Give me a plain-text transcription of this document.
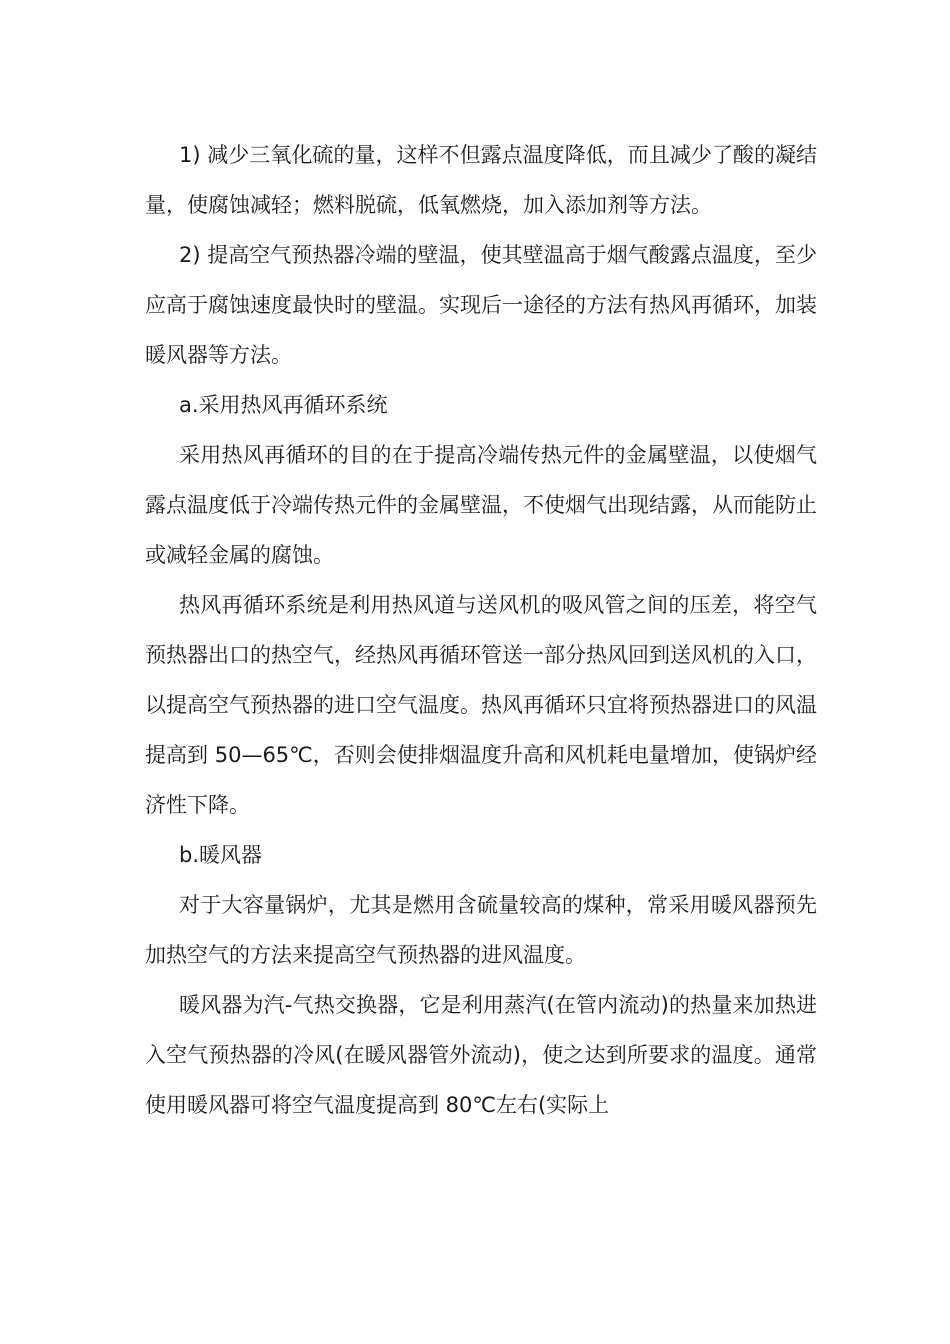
1) 减少三氧化硫的量，这样不但露点温度降低，而且减少了酸的凝结量，使腐蚀减轻；燃料脱硫，低氧燃烧，加入添加剂等方法。

2) 提高空气预热器冷端的壁温，使其壁温高于烟气酸露点温度，至少应高于腐蚀速度最快时的壁温。实现后一途径的方法有热风再循环，加装暖风器等方法。

a.采用热风再循环系统

采用热风再循环的目的在于提高冷端传热元件的金属壁温，以使烟气露点温度低于冷端传热元件的金属壁温，不使烟气出现结露，从而能防止或减轻金属的腐蚀。

热风再循环系统是利用热风道与送风机的吸风管之间的压差，将空气预热器出口的热空气，经热风再循环管送一部分热风回到送风机的入口，以提高空气预热器的进口空气温度。热风再循环只宜将预热器进口的风温提高到 50—65℃，否则会使排烟温度升高和风机耗电量增加，使锅炉经济性下降。

b.暖风器

对于大容量锅炉，尤其是燃用含硫量较高的煤种，常采用暖风器预先加热空气的方法来提高空气预热器的进风温度。

暖风器为汽-气热交换器，它是利用蒸汽(在管内流动)的热量来加热进入空气预热器的冷风(在暖风器管外流动)，使之达到所要求的温度。通常使用暖风器可将空气温度提高到 80℃左右(实际上
